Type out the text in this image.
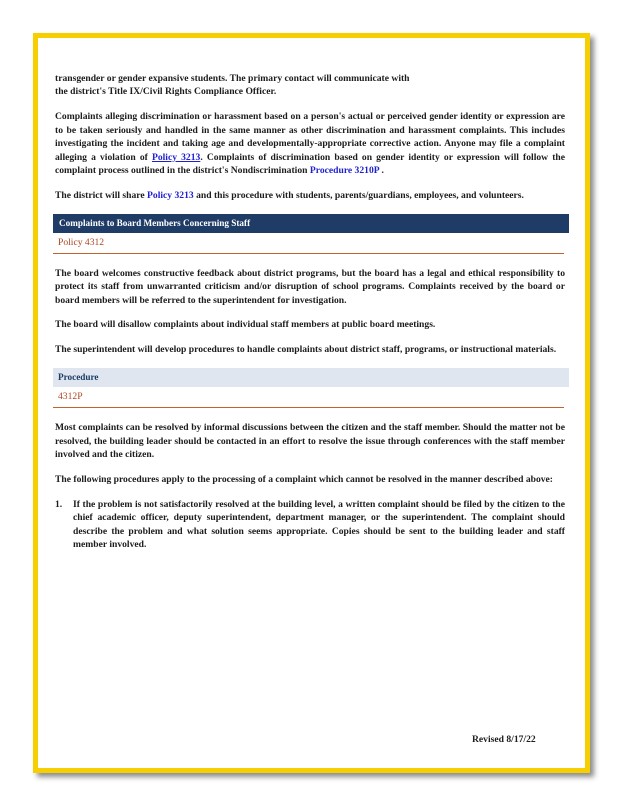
transgender or gender expansive students. The primary contact will communicate with
the district's Title IX/Civil Rights Compliance Officer.

Complaints alleging discrimination or harassment based on a person's actual or perceived gender identity or expression are to be taken seriously and handled in the same manner as other discrimination and harassment complaints. This includes investigating the incident and taking age and developmentally-appropriate corrective action. Anyone may file a complaint alleging a violation of Policy 3213. Complaints of discrimination based on gender identity or expression will follow the complaint process outlined in the district's Nondiscrimination Procedure 3210P .

The district will share Policy 3213 and this procedure with students, parents/guardians, employees, and volunteers.

Complaints to Board Members Concerning Staff
Policy 4312

The board welcomes constructive feedback about district programs, but the board has a legal and ethical responsibility to protect its staff from unwarranted criticism and/or disruption of school programs. Complaints received by the board or board members will be referred to the superintendent for investigation.

The board will disallow complaints about individual staff members at public board meetings.

The superintendent will develop procedures to handle complaints about district staff, programs, or instructional materials.

Procedure
4312P

Most complaints can be resolved by informal discussions between the citizen and the staff member. Should the matter not be resolved, the building leader should be contacted in an effort to resolve the issue through conferences with the staff member involved and the citizen.

The following procedures apply to the processing of a complaint which cannot be resolved in the manner described above:

1.	If the problem is not satisfactorily resolved at the building level, a written complaint should be filed by the citizen to the chief academic officer, deputy superintendent, department manager, or the superintendent. The complaint should describe the problem and what solution seems appropriate. Copies should be sent to the building leader and staff member involved.
Revised 8/17/22
